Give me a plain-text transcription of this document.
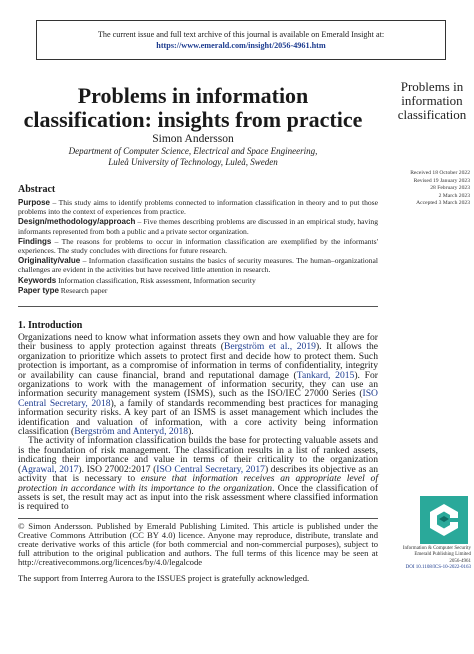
The current issue and full text archive of this journal is available on Emerald Insight at:
https://www.emerald.com/insight/2056-4961.htm
Problems in information
classification: insights from practice
Simon Andersson
Department of Computer Science, Electrical and Space Engineering,
Luleå University of Technology, Luleå, Sweden
Problems in
information
classification
Received 18 October 2022
Revised 19 January 2023
28 February 2023
2 March 2023
Accepted 3 March 2023
Abstract

Purpose – This study aims to identify problems connected to information classification in theory and to put those problems into the context of experiences from practice.

Design/methodology/approach – Five themes describing problems are discussed in an empirical study, having informants represented from both a public and a private sector organization.

Findings – The reasons for problems to occur in information classification are exemplified by the informants' experiences. The study concludes with directions for future research.

Originality/value – Information classification sustains the basics of security measures. The human–organizational challenges are evident in the activities but have received little attention in research.

Keywords Information classification, Risk assessment, Information security

Paper type Research paper

1. Introduction

Organizations need to know what information assets they own and how valuable they are for their business to apply protection against threats (Bergström et al., 2019). It allows the organization to prioritize which assets to protect first and decide how to protect them. Such protection is important, as a compromise of information in terms of confidentiality, integrity or availability can cause financial, brand and reputational damage (Tankard, 2015). For organizations to work with the management of information security, they can use an information security management system (ISMS), such as the ISO/IEC 27000 Series (ISO Central Secretary, 2018), a family of standards recommending best practices for managing information security risks. A key part of an ISMS is asset management which includes the identification and valuation of information, with a core activity being information classification (Bergström and Anteryd, 2018).

The activity of information classification builds the base for protecting valuable assets and is the foundation of risk management. The classification results in a list of ranked assets, indicating their importance and value in terms of their criticality to the organization (Agrawal, 2017). ISO 27002:2017 (ISO Central Secretary, 2017) describes its objective as an activity that is necessary to ensure that information receives an appropriate level of protection in accordance with its importance to the organization. Once the classification of assets is set, the result may act as input into the risk assessment where classified information is required to

© Simon Andersson. Published by Emerald Publishing Limited. This article is published under the Creative Commons Attribution (CC BY 4.0) licence. Anyone may reproduce, distribute, translate and create derivative works of this article (for both commercial and non-commercial purposes), subject to full attribution to the original publication and authors. The full terms of this licence may be seen at http://creativecommons.org/licences/by/4.0/legalcode
The support from Interreg Aurora to the ISSUES project is gratefully acknowledged.
Information & Computer Security
Emerald Publishing Limited
2056-4961
DOI 10.1108/ICS-10-2022-0163
